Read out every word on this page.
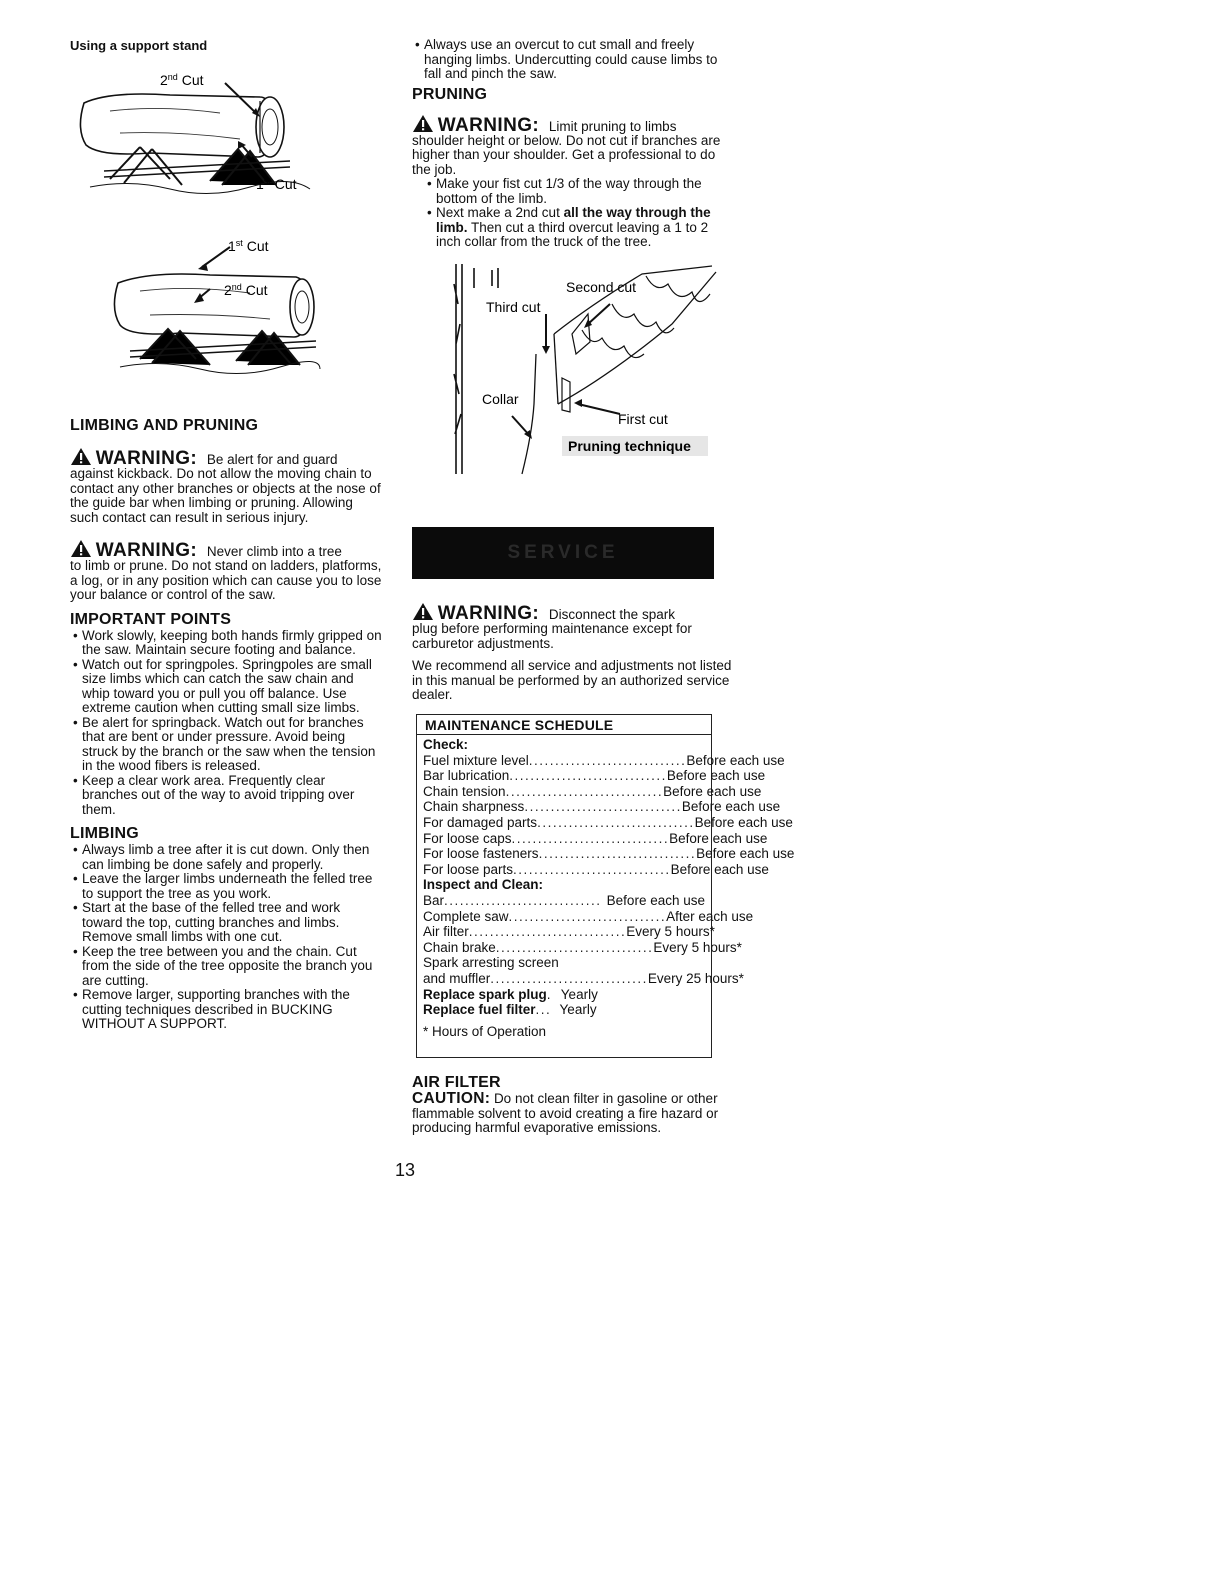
Using a support stand
2nd Cut
1st Cut
1st Cut
2nd Cut
LIMBING AND PRUNING
WARNING: Be alert for and guard

against kickback. Do not allow the moving chain to contact any other branches or objects at the nose of the guide bar when limbing or pruning. Allowing such contact can result in serious injury.

WARNING: Never climb into a tree

to limb or prune. Do not stand on ladders, platforms, a log, or in any position which can cause you to lose your balance or control of the saw.

IMPORTANT POINTS
• Work slowly, keeping both hands firmly gripped on the saw. Maintain secure footing and balance.
• Watch out for springpoles. Springpoles are small size limbs which can catch the saw chain and whip toward you or pull you off balance. Use extreme caution when cutting small size limbs.
• Be alert for springback. Watch out for branches that are bent or under pressure. Avoid being struck by the branch or the saw when the tension in the wood fibers is released.
• Keep a clear work area. Frequently clear branches out of the way to avoid tripping over them.
LIMBING
• Always limb a tree after it is cut down. Only then can limbing be done safely and properly.
• Leave the larger limbs underneath the felled tree to support the tree as you work.
• Start at the base of the felled tree and work toward the top, cutting branches and limbs. Remove small limbs with one cut.
• Keep the tree between you and the chain. Cut from the side of the tree opposite the branch you are cutting.
• Remove larger, supporting branches with the cutting techniques described in BUCKING WITHOUT A SUPPORT.
• Always use an overcut to cut small and freely hanging limbs. Undercutting could cause limbs to fall and pinch the saw.
PRUNING
WARNING: Limit pruning to limbs

shoulder height or below. Do not cut if branches are higher than your shoulder. Get a professional to do the job.

• Make your fist cut 1/3 of the way through the bottom of the limb.
• Next make a 2nd cut all the way through the limb. Then cut a third overcut leaving a 1 to 2 inch collar from the truck of the tree.
Second cut
Third cut
Collar
First cut
Pruning technique
SERVICE
WARNING: Disconnect the spark

plug before performing maintenance except for carburetor adjustments.

We recommend all service and adjustments not listed in this manual be performed by an authorized service dealer.

MAINTENANCE SCHEDULE
Check:
Fuel mixture level .............................. Before each use
Bar lubrication .............................. Before each use
Chain tension .............................. Before each use
Chain sharpness .............................. Before each use
For damaged parts .............................. Before each use
For loose caps .............................. Before each use
For loose fasteners .............................. Before each use
For loose parts .............................. Before each use
Inspect and Clean:
Bar .............................. Before each use
Complete saw .............................. After each use
Air filter .............................. Every 5 hours*
Chain brake .............................. Every 5 hours*
Spark arresting screen
and muffler .............................. Every 25 hours*
Replace spark plug . Yearly
Replace fuel filter ... Yearly
* Hours of Operation
AIR FILTER

CAUTION: Do not clean filter in gasoline or other flammable solvent to avoid creating a fire hazard or producing harmful evaporative emissions.

13
